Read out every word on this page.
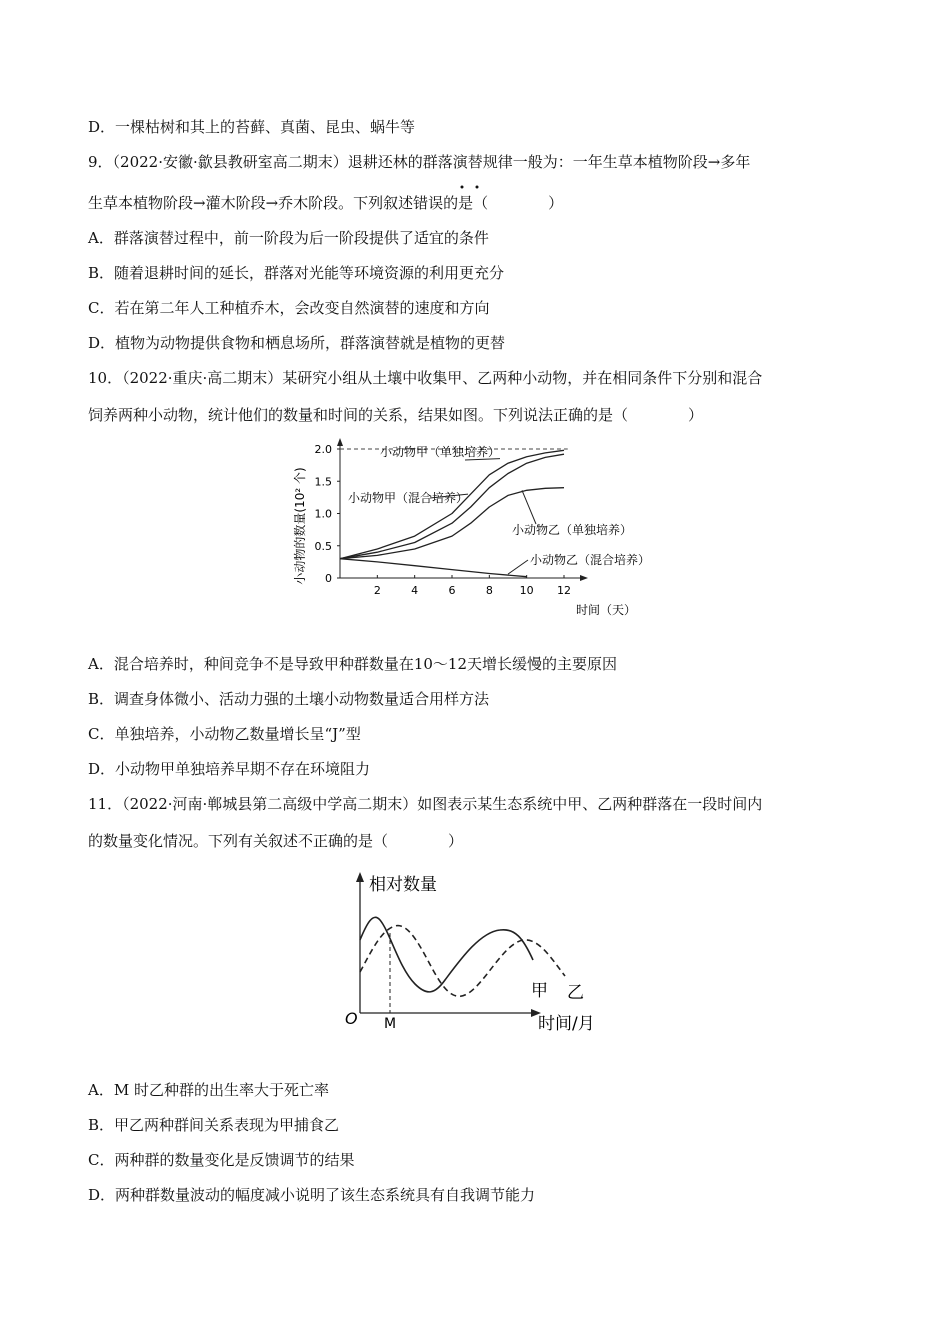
D．一棵枯树和其上的苔藓、真菌、昆虫、蜗牛等
9．（2022·安徽·歙县教研室高二期末）退耕还林的群落演替规律一般为：一年生草本植物阶段→多年
生草本植物阶段→灌木阶段→乔木阶段。下列叙述错误的是（　　　　）
A．群落演替过程中，前一阶段为后一阶段提供了适宜的条件
B．随着退耕时间的延长，群落对光能等环境资源的利用更充分
C．若在第二年人工种植乔木，会改变自然演替的速度和方向
D．植物为动物提供食物和栖息场所，群落演替就是植物的更替
10．（2022·重庆·高二期末）某研究小组从土壤中收集甲、乙两种小动物，并在相同条件下分别和混合
饲养两种小动物，统计他们的数量和时间的关系，结果如图。下列说法正确的是（　　　　）
小动物的数量(10² 个) 0
0.5
1.0
1.5
2.0
2	4	6	8 10 12
小动物甲（单独培养）
小动物甲（混合培养）
小动物乙（单独培养）
小动物乙（混合培养）
时间（天）
A．混合培养时，种间竞争不是导致甲种群数量在10～12天增长缓慢的主要原因
B．调查身体微小、活动力强的土壤小动物数量适合用样方法
C．单独培养，小动物乙数量增长呈“J”型
D．小动物甲单独培养早期不存在环境阻力
11．（2022·河南·郸城县第二高级中学高二期末）如图表示某生态系统中甲、乙两种群落在一段时间内
的数量变化情况。下列有关叙述不正确的是（　　　　）
相对数量
O M
甲 乙
时间/月
A．M 时乙种群的出生率大于死亡率
B．甲乙两种群间关系表现为甲捕食乙
C．两种群的数量变化是反馈调节的结果
D．两种群数量波动的幅度减小说明了该生态系统具有自我调节能力
